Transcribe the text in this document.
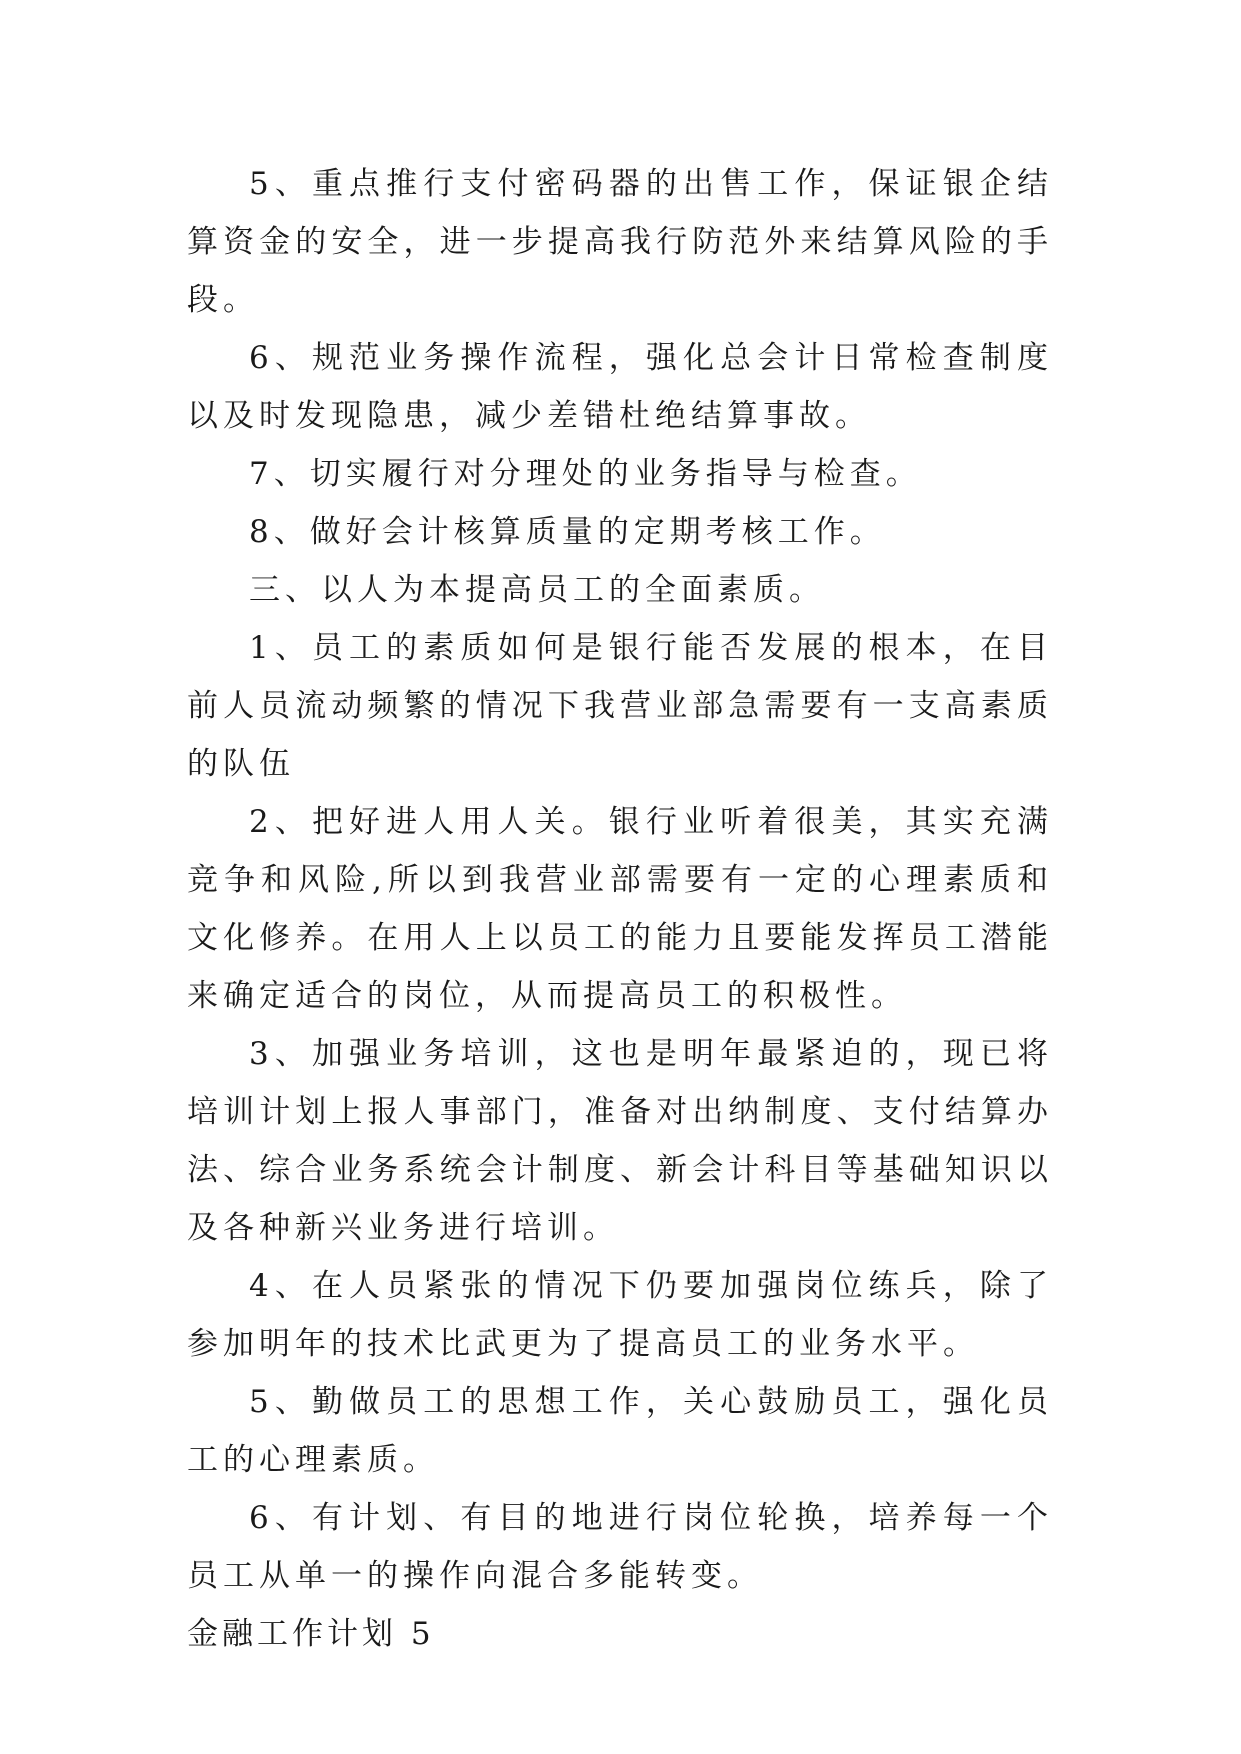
5、重点推行支付密码器的出售工作，保证银企结算资金的安全，进一步提高我行防范外来结算风险的手段。

6、规范业务操作流程，强化总会计日常检查制度以及时发现隐患，减少差错杜绝结算事故。

7、切实履行对分理处的业务指导与检查。

8、做好会计核算质量的定期考核工作。

三、以人为本提高员工的全面素质。

1、员工的素质如何是银行能否发展的根本，在目前人员流动频繁的情况下我营业部急需要有一支高素质的队伍

2、把好进人用人关。银行业听着很美，其实充满竞争和风险,所以到我营业部需要有一定的心理素质和文化修养。在用人上以员工的能力且要能发挥员工潜能来确定适合的岗位，从而提高员工的积极性。

3、加强业务培训，这也是明年最紧迫的，现已将培训计划上报人事部门，准备对出纳制度、支付结算办法、综合业务系统会计制度、新会计科目等基础知识以及各种新兴业务进行培训。

4、在人员紧张的情况下仍要加强岗位练兵，除了参加明年的技术比武更为了提高员工的业务水平。

5、勤做员工的思想工作，关心鼓励员工，强化员工的心理素质。

6、有计划、有目的地进行岗位轮换，培养每一个员工从单一的操作向混合多能转变。

金融工作计划 5
